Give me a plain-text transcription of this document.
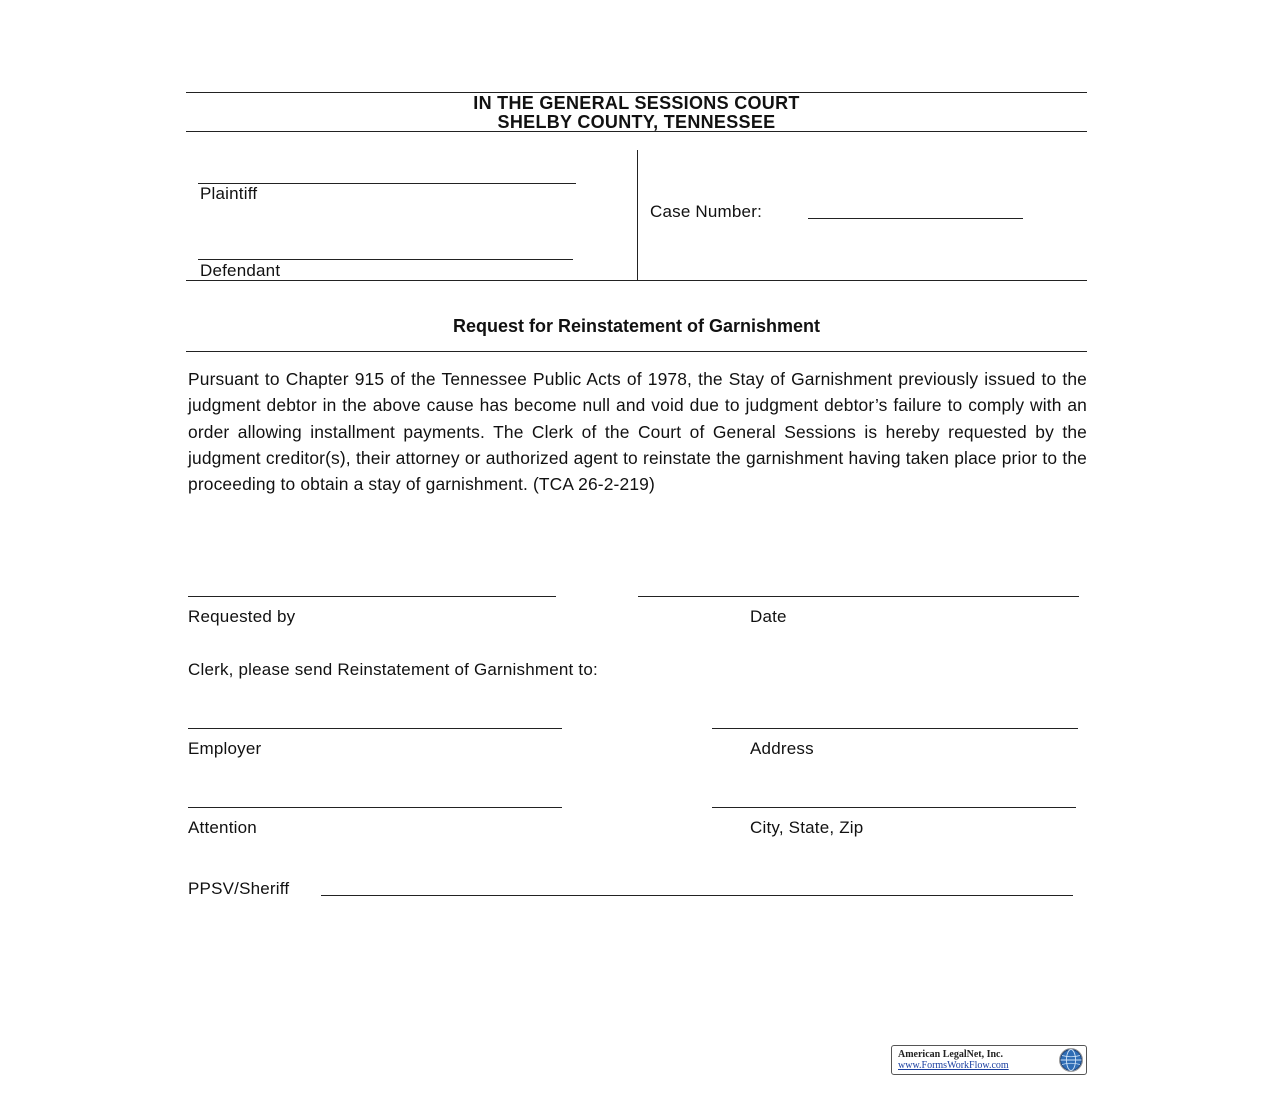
IN THE GENERAL SESSIONS COURT
SHELBY COUNTY, TENNESSEE
Plaintiff
Defendant
Case Number:
Request for Reinstatement of Garnishment
Pursuant to Chapter 915 of the Tennessee Public Acts of 1978, the Stay of Garnishment previously issued to the judgment debtor in the above cause has become null and void due to judgment debtor’s failure to comply with an order allowing installment payments. The Clerk of the Court of General Sessions is hereby requested by the judgment creditor(s), their attorney or authorized agent to reinstate the garnishment having taken place prior to the proceeding to obtain a stay of garnishment. (TCA 26-2-219)
Requested by	Date
Clerk, please send Reinstatement of Garnishment to:
Employer	Address
Attention	City, State, Zip
PPSV/Sheriff
American LegalNet, Inc.
www.FormsWorkFlow.com
